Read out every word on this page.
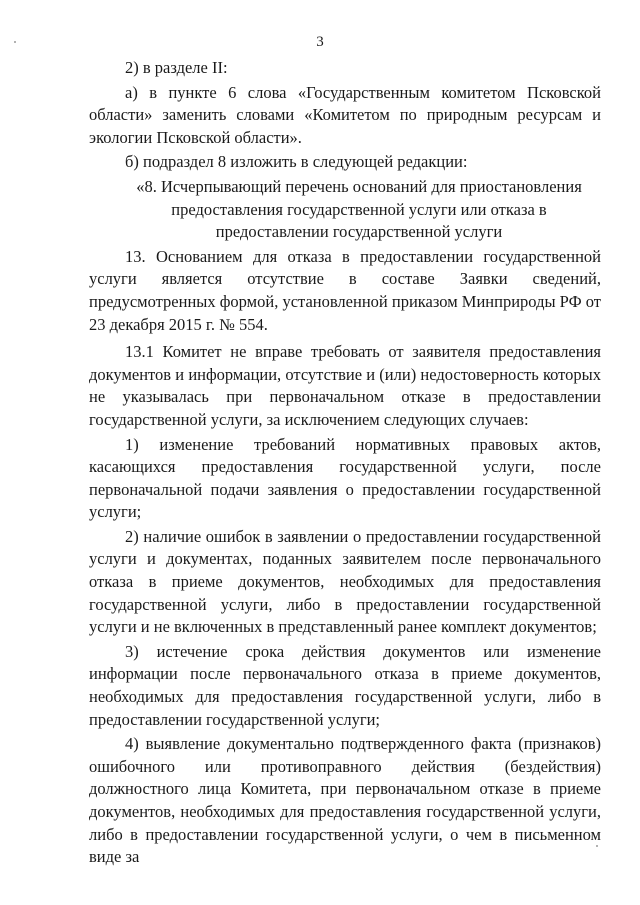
3

2) в разделе II:

а) в пункте 6 слова «Государственным комитетом Псковской области» заменить словами «Комитетом по природным ресурсам и экологии Псковской области».

б) подраздел 8 изложить в следующей редакции:

«8. Исчерпывающий перечень оснований для приостановления предоставления государственной услуги или отказа в предоставлении государственной услуги

13. Основанием для отказа в предоставлении государственной услуги является отсутствие в составе Заявки сведений, предусмотренных формой, установленной приказом Минприроды РФ от 23 декабря 2015 г. № 554.

13.1 Комитет не вправе требовать от заявителя предоставления документов и информации, отсутствие и (или) недостоверность которых не указывалась при первоначальном отказе в предоставлении государственной услуги, за исключением следующих случаев:

1) изменение требований нормативных правовых актов, касающихся предоставления государственной услуги, после первоначальной подачи заявления о предоставлении государственной услуги;

2) наличие ошибок в заявлении о предоставлении государственной услуги и документах, поданных заявителем после первоначального отказа в приеме документов, необходимых для предоставления государственной услуги, либо в предоставлении государственной услуги и не включенных в представленный ранее комплект документов;

3) истечение срока действия документов или изменение информации после первоначального отказа в приеме документов, необходимых для предоставления государственной услуги, либо в предоставлении государственной услуги;

4) выявление документально подтвержденного факта (признаков) ошибочного или противоправного действия (бездействия) должностного лица Комитета, при первоначальном отказе в приеме документов, необходимых для предоставления государственной услуги, либо в предоставлении государственной услуги, о чем в письменном виде за
